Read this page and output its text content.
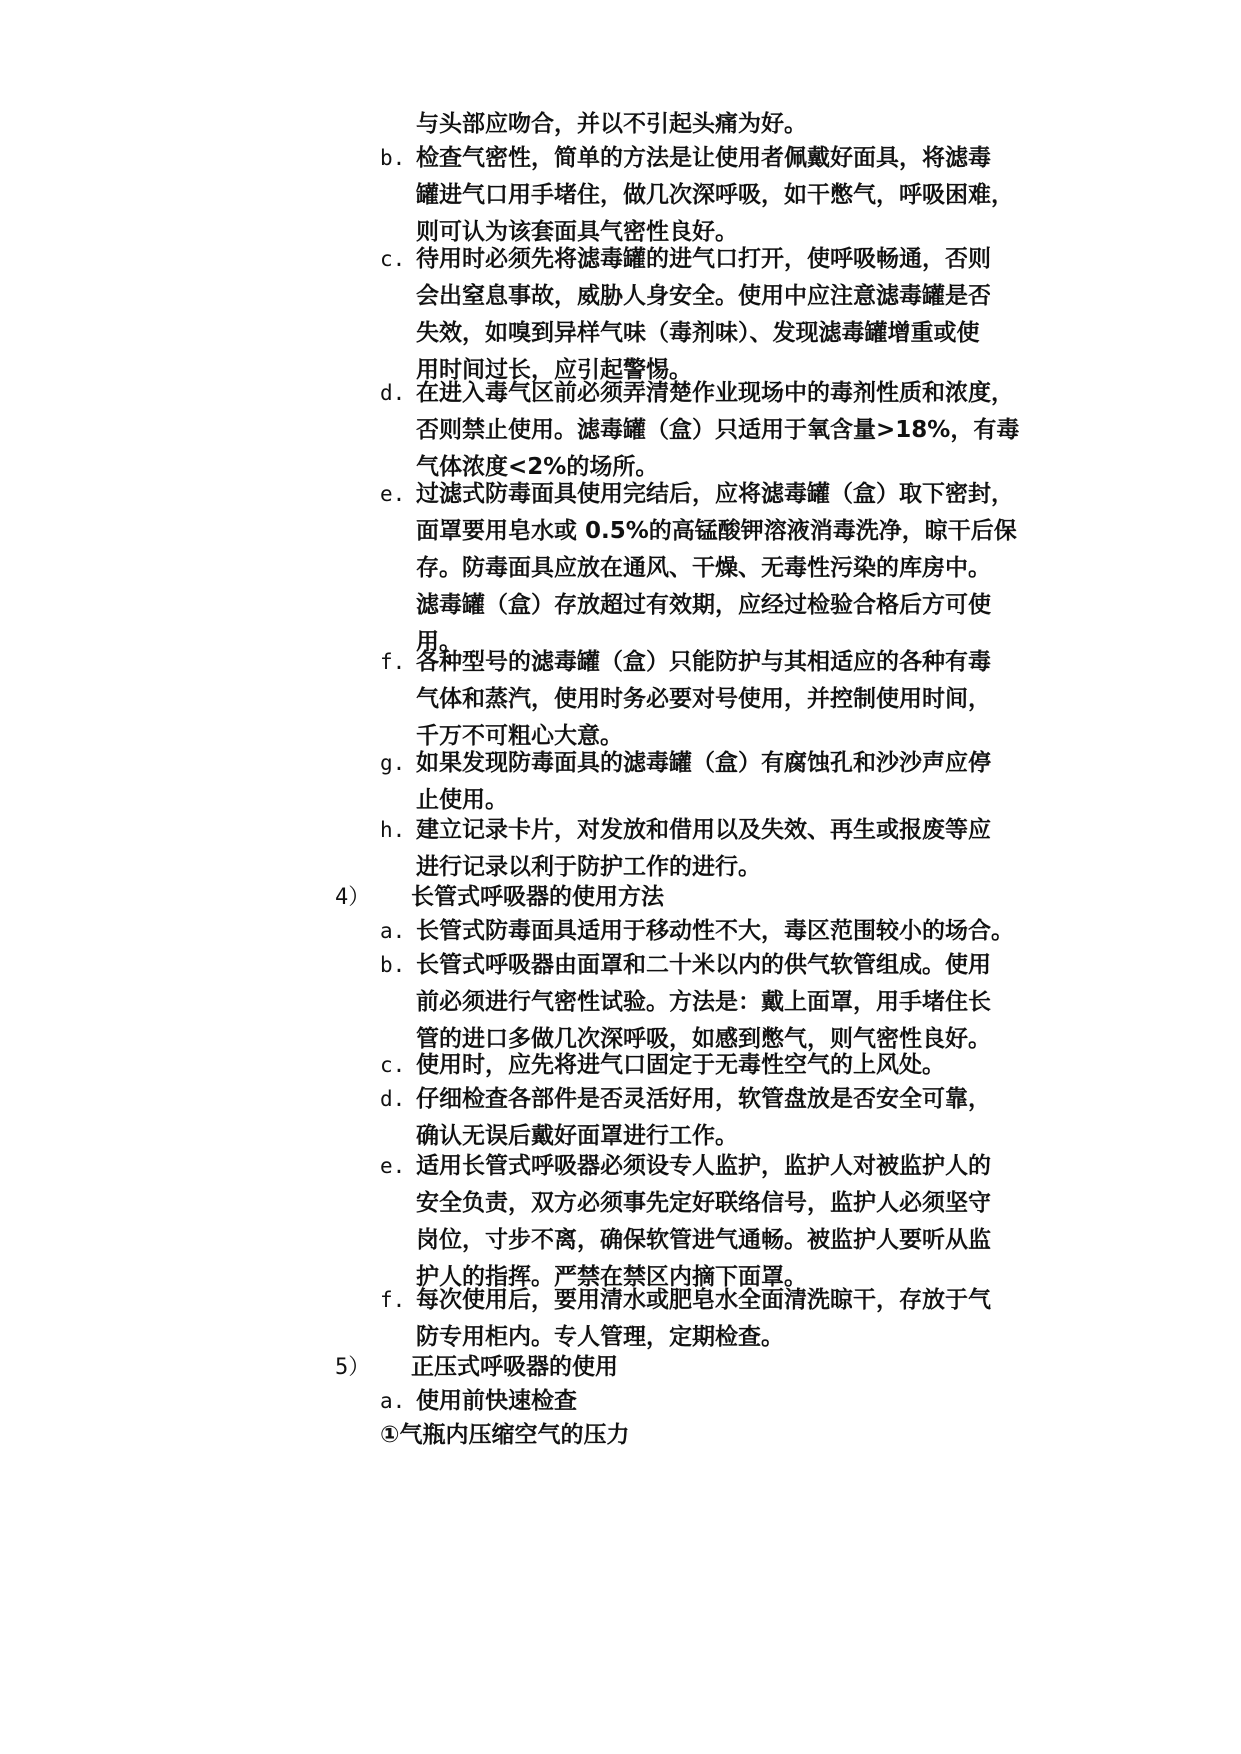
与头部应吻合，并以不引起头痛为好。
b. 检查气密性，简单的方法是让使用者佩戴好面具，将滤毒
罐进气口用手堵住，做几次深呼吸，如干憋气，呼吸困难，
则可认为该套面具气密性良好。
c. 待用时必须先将滤毒罐的进气口打开，使呼吸畅通，否则
会出窒息事故，威胁人身安全。使用中应注意滤毒罐是否
失效，如嗅到异样气味（毒剂味）、发现滤毒罐增重或使
用时间过长，应引起警惕。
d. 在进入毒气区前必须弄清楚作业现场中的毒剂性质和浓度，
否则禁止使用。滤毒罐（盒）只适用于氧含量>18%，有毒
气体浓度<2%的场所。
e. 过滤式防毒面具使用完结后，应将滤毒罐（盒）取下密封，
面罩要用皂水或 0.5%的高锰酸钾溶液消毒洗净，晾干后保
存。防毒面具应放在通风、干燥、无毒性污染的库房中。
滤毒罐（盒）存放超过有效期，应经过检验合格后方可使
用。
f. 各种型号的滤毒罐（盒）只能防护与其相适应的各种有毒
气体和蒸汽，使用时务必要对号使用，并控制使用时间，
千万不可粗心大意。
g. 如果发现防毒面具的滤毒罐（盒）有腐蚀孔和沙沙声应停
止使用。
h. 建立记录卡片，对发放和借用以及失效、再生或报废等应
进行记录以利于防护工作的进行。
4） 长管式呼吸器的使用方法
a. 长管式防毒面具适用于移动性不大，毒区范围较小的场合。
b. 长管式呼吸器由面罩和二十米以内的供气软管组成。使用
前必须进行气密性试验。方法是：戴上面罩，用手堵住长
管的进口多做几次深呼吸，如感到憋气，则气密性良好。
c. 使用时，应先将进气口固定于无毒性空气的上风处。
d. 仔细检查各部件是否灵活好用，软管盘放是否安全可靠，
确认无误后戴好面罩进行工作。
e. 适用长管式呼吸器必须设专人监护，监护人对被监护人的
安全负责，双方必须事先定好联络信号，监护人必须坚守
岗位，寸步不离，确保软管进气通畅。被监护人要听从监
护人的指挥。严禁在禁区内摘下面罩。
f. 每次使用后，要用清水或肥皂水全面清洗晾干，存放于气
防专用柜内。专人管理，定期检查。
5） 正压式呼吸器的使用
a. 使用前快速检查
①气瓶内压缩空气的压力
